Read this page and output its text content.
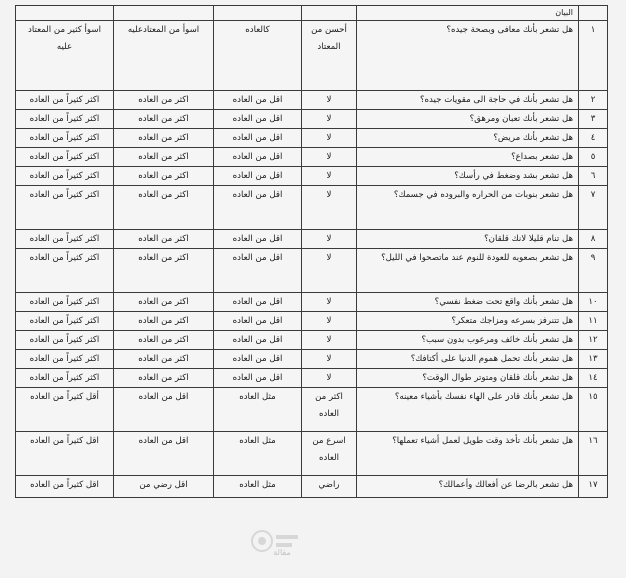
	البيان				
١	هل تشعر بأنك معافى وبصحة جيده؟	أحسن من المعتاد	كالعاده	اسوأ من المعتادعليه	اسوأ كثير من المعتاد عليه
٢	هل تشعر بأنك في حاجة الى مقويات جيده؟	لا	اقل من العاده	اكثر من العاده	اكثر كثيراً من العاده
٣	هل تشعر بأنك تعبان ومرهق؟	لا	اقل من العاده	اكثر من العاده	اكثر كثيراً من العاده
٤	هل تشعر بأنك مريض؟	لا	اقل من العاده	اكثر من العاده	اكثر كثيراً من العاده
٥	هل تشعر بصداع؟	لا	اقل من العاده	اكثر من العاده	اكثر كثيراً من العاده
٦	هل تشعر بشد وضغط في رأسك؟	لا	اقل من العاده	اكثر من العاده	اكثر كثيراً من العاده
٧	هل تشعر بنوبات من الحراره والبروده في جسمك؟	لا	اقل من العاده	اكثر من العاده	اكثر كثيراً من العاده
٨	هل تنام قليلا لانك قلقان؟	لا	اقل من العاده	اكثر من العاده	اكثر كثيراً من العاده
٩	هل تشعر بصعوبه للعودة للنوم عند ماتصحوا في الليل؟	لا	اقل من العاده	اكثر من العاده	اكثر كثيراً من العاده
١٠	هل تشعر بأنك واقع تحت ضغط نفسي؟	لا	اقل من العاده	اكثر من العاده	اكثر كثيراً من العاده
١١	هل تتنرفز بسرعه ومزاجك متعكر؟	لا	اقل من العاده	اكثر من العاده	اكثر كثيراً من العاده
١٢	هل تشعر بأنك خائف ومرعوب بدون سبب؟	لا	اقل من العاده	اكثر من العاده	اكثر كثيراً من العاده
١٣	هل تشعر بأنك تحمل هموم الدنيا على أكتافك؟	لا	اقل من العاده	اكثر من العاده	اكثر كثيراً من العاده
١٤	هل تشعر بأنك قلقان ومتوتر طوال الوقت؟	لا	اقل من العاده	اكثر من العاده	اكثر كثيراً من العاده
١٥	هل تشعر بأنك قادر على الهاء نفسك بأشياء معينه؟	اكثر من العاده	مثل العاده	اقل من العاده	أقل كثيراً من العاده
١٦	هل تشعر بأنك تأخذ وقت طويل لعمل أشياء تعملها؟	اسرع من العاده	مثل العاده	اقل من العاده	اقل كثيراً من العاده
١٧	هل تشعر بالرضا عن أفعالك وأعمالك؟	راضي	مثل العاده	اقل رضي من	اقل كثيراً من العاده
مقالة
